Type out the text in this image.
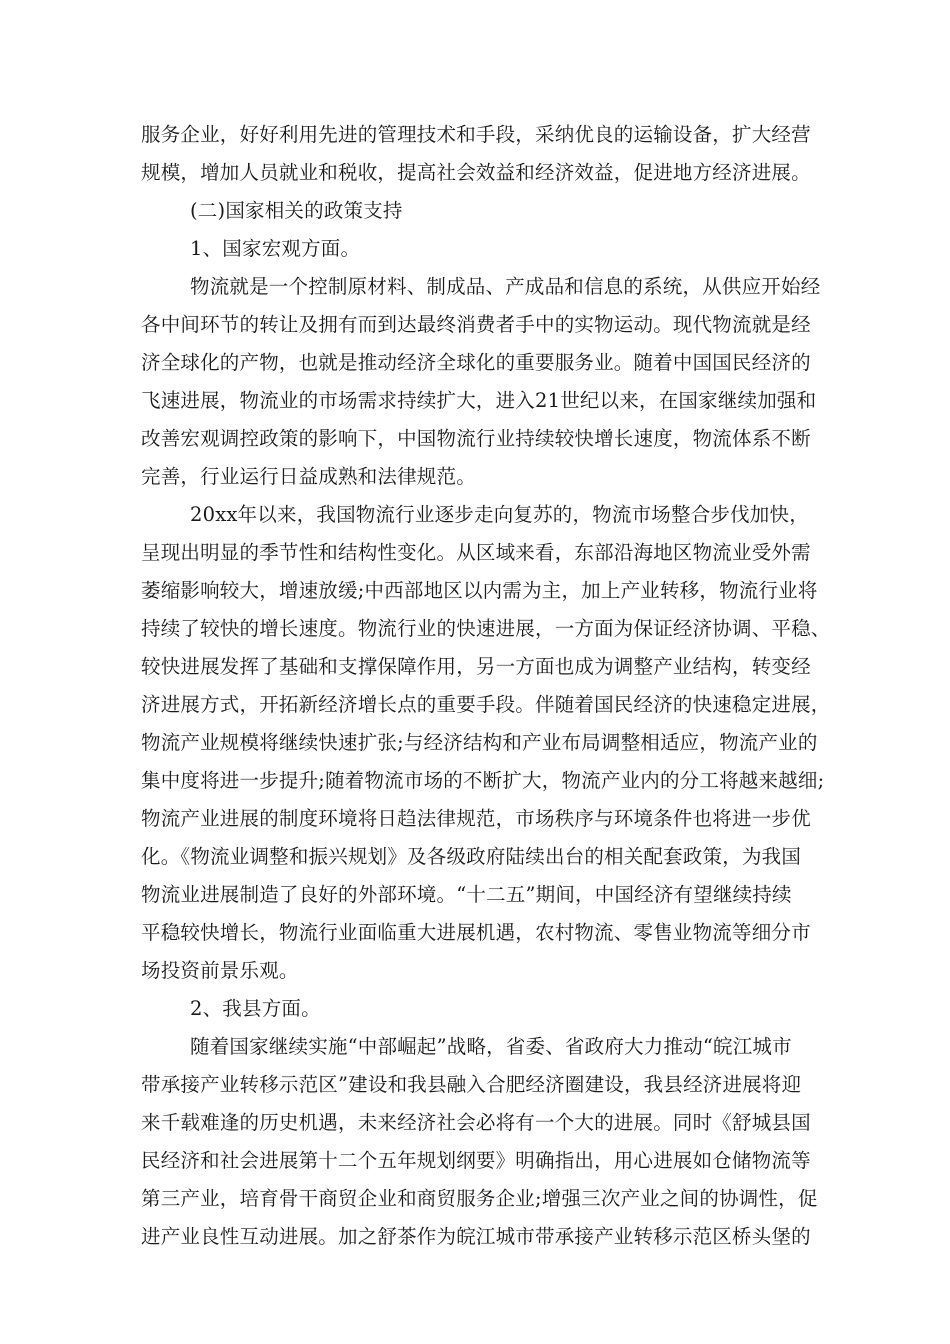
服务企业，好好利用先进的管理技术和手段，采纳优良的运输设备，扩大经营
规模，增加人员就业和税收，提高社会效益和经济效益，促进地方经济进展。
(二)国家相关的政策支持
1、国家宏观方面。
物流就是一个控制原材料、制成品、产成品和信息的系统，从供应开始经
各中间环节的转让及拥有而到达最终消费者手中的实物运动。现代物流就是经
济全球化的产物，也就是推动经济全球化的重要服务业。随着中国国民经济的
飞速进展，物流业的市场需求持续扩大，进入21世纪以来，在国家继续加强和
改善宏观调控政策的影响下，中国物流行业持续较快增长速度，物流体系不断
完善，行业运行日益成熟和法律规范。
20xx年以来，我国物流行业逐步走向复苏的，物流市场整合步伐加快，
呈现出明显的季节性和结构性变化。从区域来看，东部沿海地区物流业受外需
萎缩影响较大，增速放缓;中西部地区以内需为主，加上产业转移，物流行业将
持续了较快的增长速度。物流行业的快速进展，一方面为保证经济协调、平稳、
较快进展发挥了基础和支撑保障作用，另一方面也成为调整产业结构，转变经
济进展方式，开拓新经济增长点的重要手段。伴随着国民经济的快速稳定进展，
物流产业规模将继续快速扩张;与经济结构和产业布局调整相适应，物流产业的
集中度将进一步提升;随着物流市场的不断扩大，物流产业内的分工将越来越细;
物流产业进展的制度环境将日趋法律规范，市场秩序与环境条件也将进一步优
化。《物流业调整和振兴规划》及各级政府陆续出台的相关配套政策，为我国
物流业进展制造了良好的外部环境。“十二五”期间，中国经济有望继续持续
平稳较快增长，物流行业面临重大进展机遇，农村物流、零售业物流等细分市
场投资前景乐观。
2、我县方面。
随着国家继续实施“中部崛起”战略，省委、省政府大力推动“皖江城市
带承接产业转移示范区”建设和我县融入合肥经济圈建设，我县经济进展将迎
来千载难逢的历史机遇，未来经济社会必将有一个大的进展。同时《舒城县国
民经济和社会进展第十二个五年规划纲要》明确指出，用心进展如仓储物流等
第三产业，培育骨干商贸企业和商贸服务企业;增强三次产业之间的协调性，促
进产业良性互动进展。加之舒茶作为皖江城市带承接产业转移示范区桥头堡的
